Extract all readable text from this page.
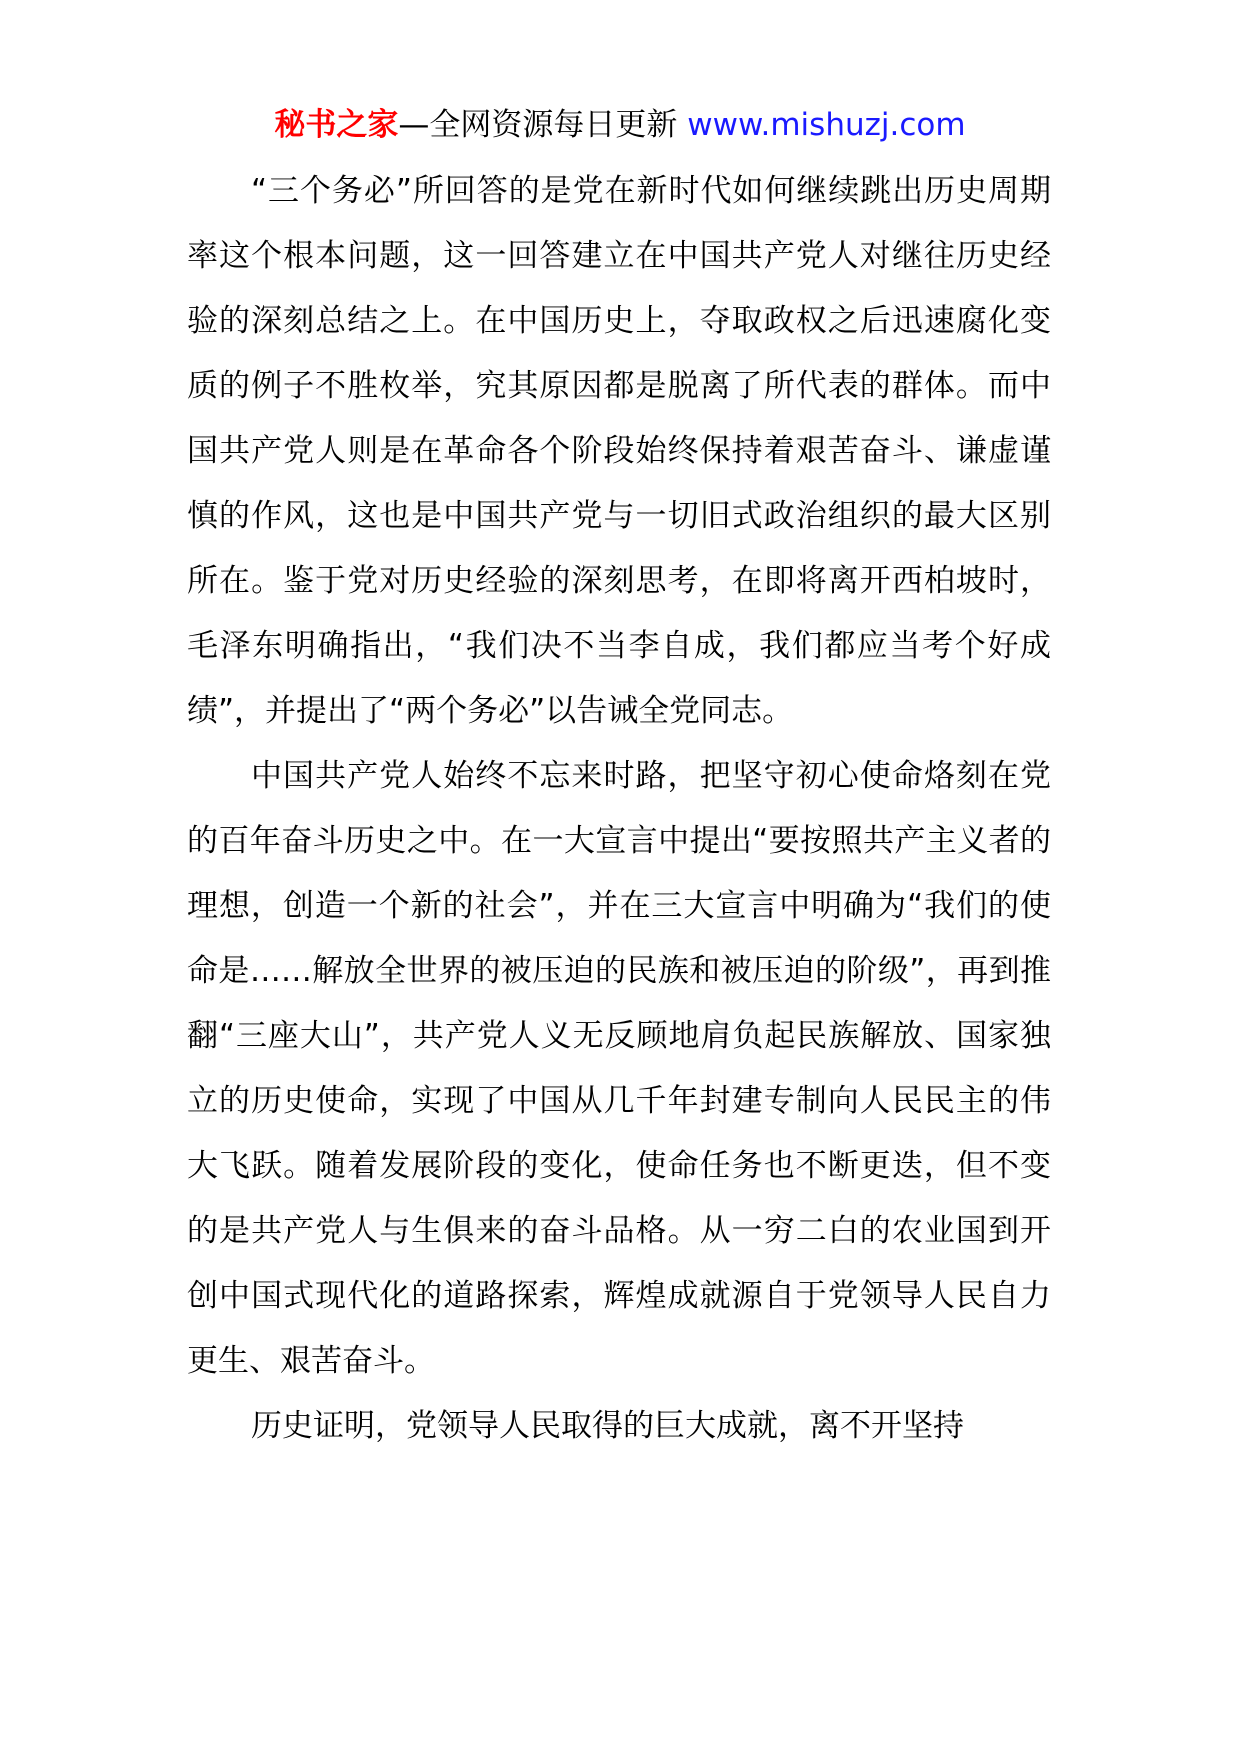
秘书之家—全网资源每日更新 www.mishuzj.com

“三个务必”所回答的是党在新时代如何继续跳出历史周期率这个根本问题，这一回答建立在中国共产党人对继往历史经验的深刻总结之上。在中国历史上，夺取政权之后迅速腐化变质的例子不胜枚举，究其原因都是脱离了所代表的群体。而中国共产党人则是在革命各个阶段始终保持着艰苦奋斗、谦虚谨慎的作风，这也是中国共产党与一切旧式政治组织的最大区别所在。鉴于党对历史经验的深刻思考，在即将离开西柏坡时，毛泽东明确指出，“我们决不当李自成，我们都应当考个好成绩”，并提出了“两个务必”以告诫全党同志。

中国共产党人始终不忘来时路，把坚守初心使命烙刻在党的百年奋斗历史之中。在一大宣言中提出“要按照共产主义者的理想，创造一个新的社会”，并在三大宣言中明确为“我们的使命是……解放全世界的被压迫的民族和被压迫的阶级”，再到推翻“三座大山”，共产党人义无反顾地肩负起民族解放、国家独立的历史使命，实现了中国从几千年封建专制向人民民主的伟大飞跃。随着发展阶段的变化，使命任务也不断更迭，但不变的是共产党人与生俱来的奋斗品格。从一穷二白的农业国到开创中国式现代化的道路探索，辉煌成就源自于党领导人民自力更生、艰苦奋斗。

历史证明，党领导人民取得的巨大成就，离不开坚持
